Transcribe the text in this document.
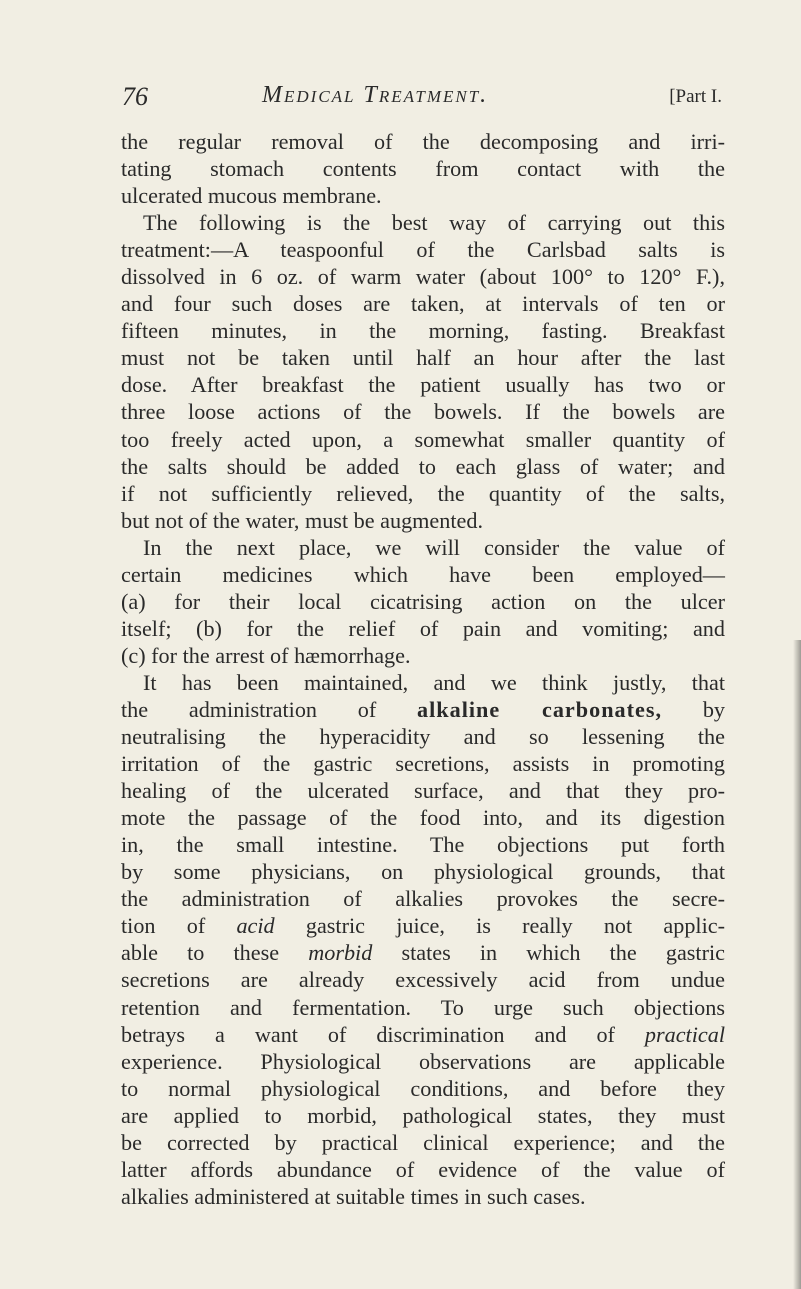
76	Medical Treatment.	[Part I.
the regular removal of the decomposing and irri-
tating stomach contents from contact with the
ulcerated mucous membrane.
The following is the best way of carrying out this
treatment:—A teaspoonful of the Carlsbad salts is
dissolved in 6 oz. of warm water (about 100° to 120° F.),
and four such doses are taken, at intervals of ten or
fifteen minutes, in the morning, fasting. Breakfast
must not be taken until half an hour after the last
dose. After breakfast the patient usually has two or
three loose actions of the bowels. If the bowels are
too freely acted upon, a somewhat smaller quantity of
the salts should be added to each glass of water; and
if not sufficiently relieved, the quantity of the salts,
but not of the water, must be augmented.
In the next place, we will consider the value of
certain medicines which have been employed—
(a) for their local cicatrising action on the ulcer
itself; (b) for the relief of pain and vomiting; and
(c) for the arrest of hæmorrhage.
It has been maintained, and we think justly, that
the administration of alkaline carbonates, by
neutralising the hyperacidity and so lessening the
irritation of the gastric secretions, assists in promoting
healing of the ulcerated surface, and that they pro-
mote the passage of the food into, and its digestion
in, the small intestine. The objections put forth
by some physicians, on physiological grounds, that
the administration of alkalies provokes the secre-
tion of acid gastric juice, is really not applic-
able to these morbid states in which the gastric
secretions are already excessively acid from undue
retention and fermentation. To urge such objections
betrays a want of discrimination and of practical
experience. Physiological observations are applicable
to normal physiological conditions, and before they
are applied to morbid, pathological states, they must
be corrected by practical clinical experience; and the
latter affords abundance of evidence of the value of
alkalies administered at suitable times in such cases.
